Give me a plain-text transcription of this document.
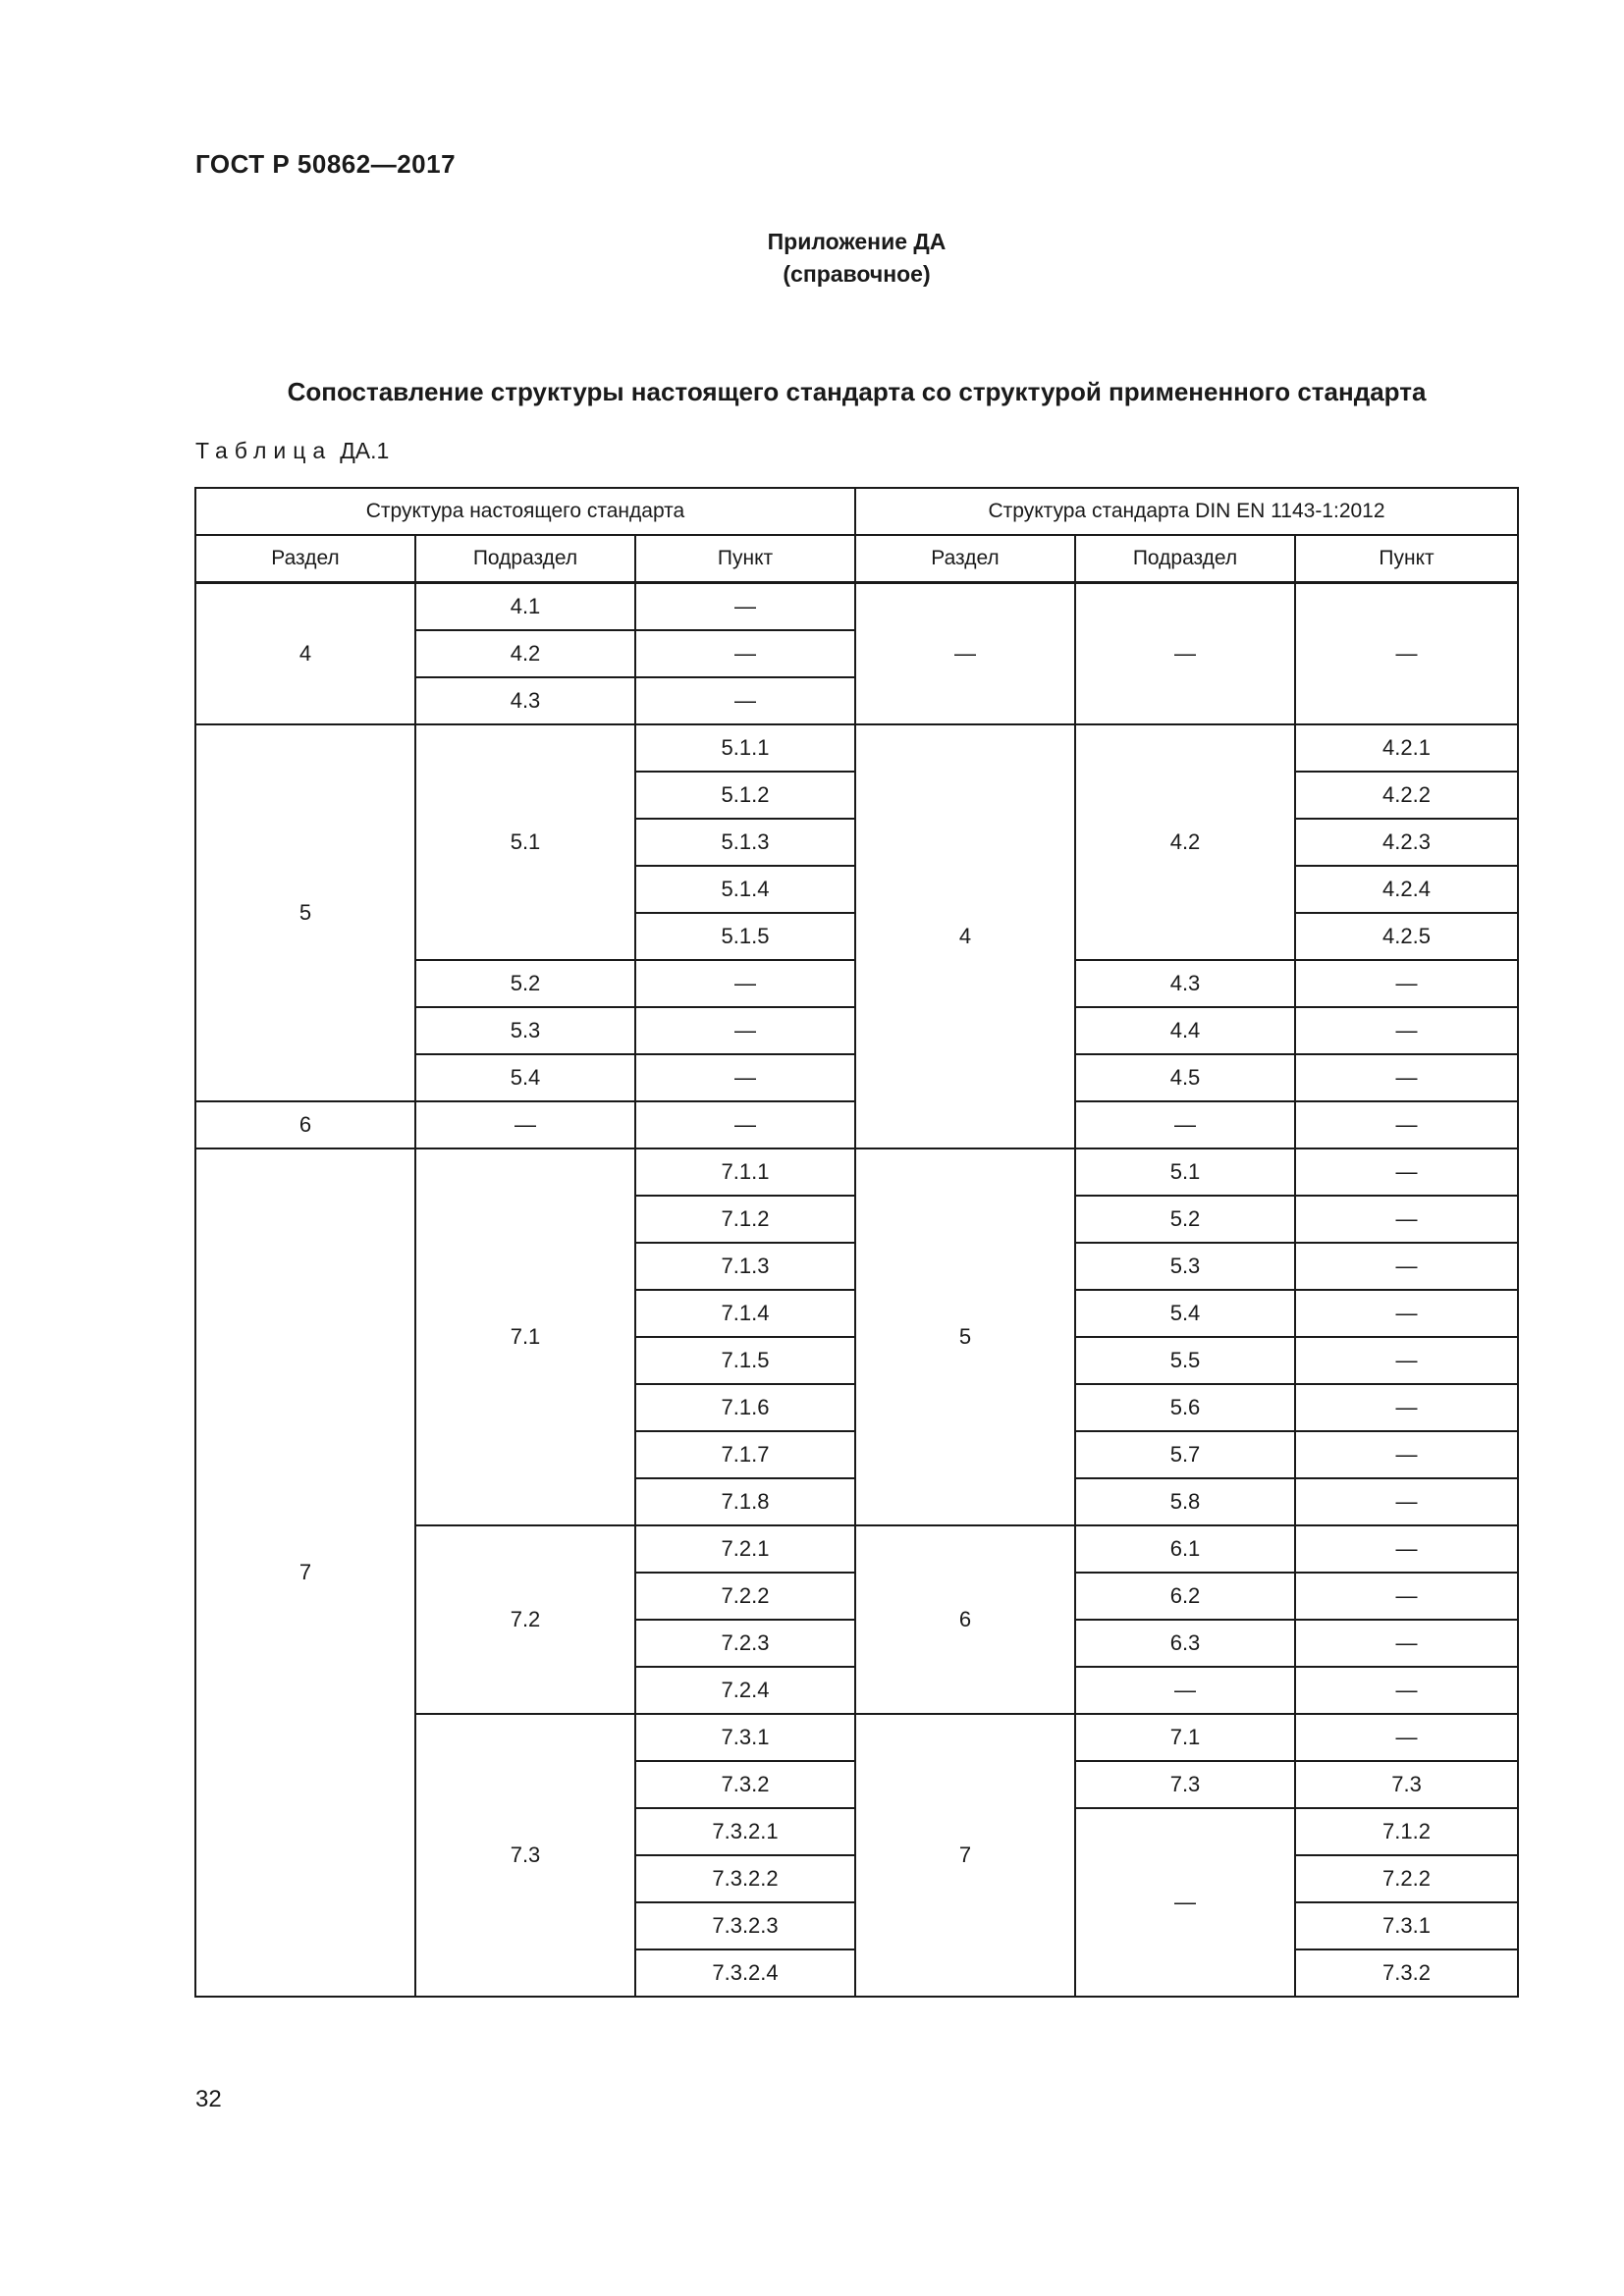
ГОСТ Р 50862—2017
Приложение ДА
(справочное)
Сопоставление структуры настоящего стандарта со структурой примененного стандарта
Таблица ДА.1
Структура настоящего стандарта			Структура стандарта DIN EN 1143-1:2012		
Раздел	Подраздел	Пункт	Раздел	Подраздел	Пункт
4	4.1	—	—	—	—
	4.2	—			
	4.3	—			
5	5.1	5.1.1	4	4.2	4.2.1
		5.1.2			4.2.2
		5.1.3			4.2.3
		5.1.4			4.2.4
		5.1.5			4.2.5
	5.2	—		4.3	—
	5.3	—		4.4	—
	5.4	—		4.5	—
6	—	—		—	—
7	7.1	7.1.1	5	5.1	—
		7.1.2		5.2	—
		7.1.3		5.3	—
		7.1.4		5.4	—
		7.1.5		5.5	—
		7.1.6		5.6	—
		7.1.7		5.7	—
		7.1.8		5.8	—
	7.2	7.2.1	6	6.1	—
		7.2.2		6.2	—
		7.2.3		6.3	—
		7.2.4		—	—
	7.3	7.3.1	7	7.1	—
		7.3.2		7.3	7.3
		7.3.2.1		—	7.1.2
		7.3.2.2			7.2.2
		7.3.2.3			7.3.1
		7.3.2.4			7.3.2
32
